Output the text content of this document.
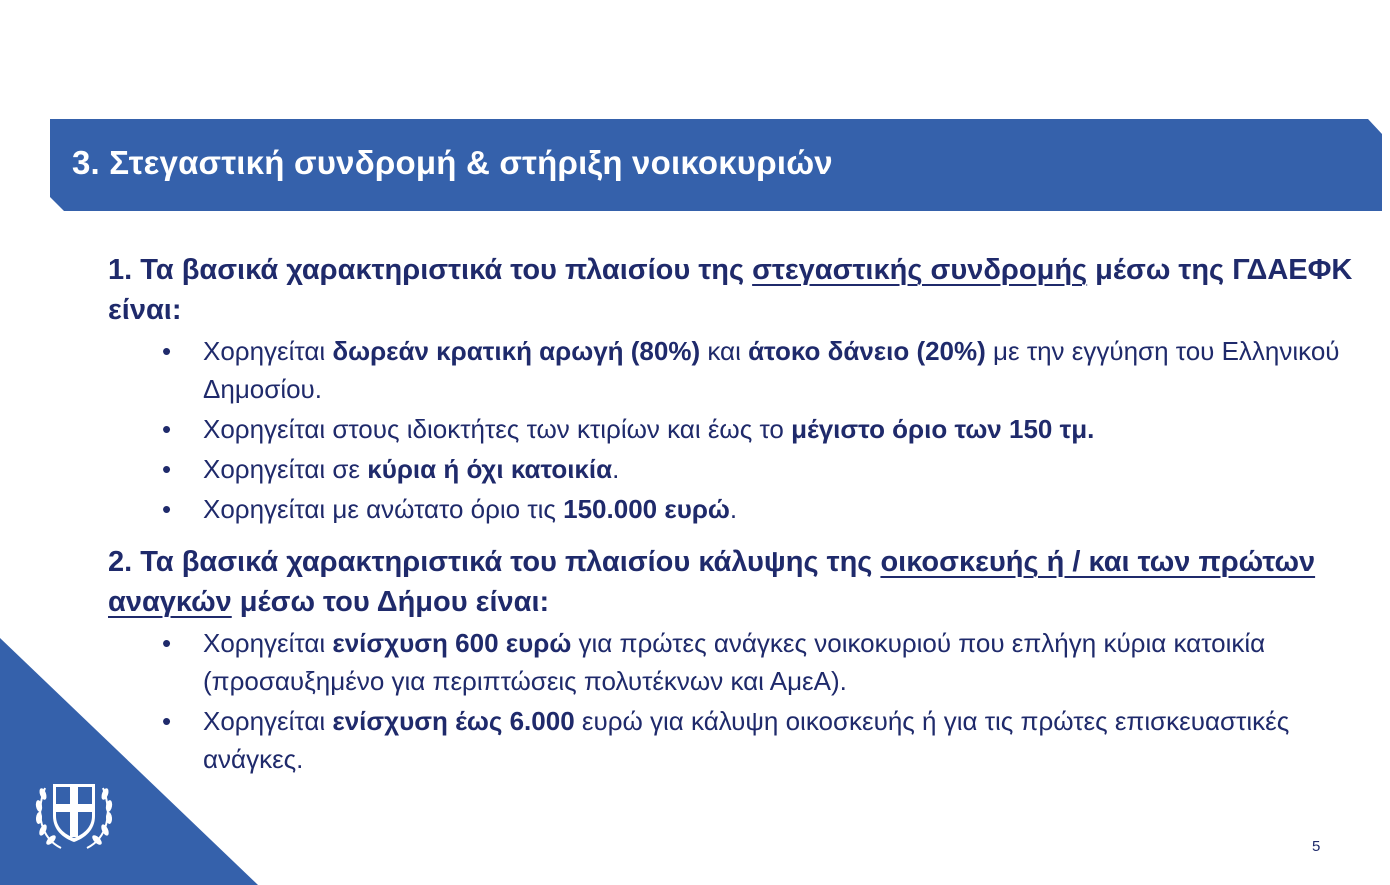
3. Στεγαστική συνδρομή & στήριξη νοικοκυριών

1. Τα βασικά χαρακτηριστικά του πλαισίου της στεγαστικής συνδρομής μέσω της ΓΔΑΕΦΚ είναι:

• Χορηγείται δωρεάν κρατική αρωγή (80%) και άτοκο δάνειο (20%) με την εγγύηση του Ελληνικού Δημοσίου.
• Χορηγείται στους ιδιοκτήτες των κτιρίων και έως το μέγιστο όριο των 150 τμ.
• Χορηγείται σε κύρια ή όχι κατοικία.
• Χορηγείται με ανώτατο όριο τις 150.000 ευρώ.

2. Τα βασικά χαρακτηριστικά του πλαισίου κάλυψης της οικοσκευής ή / και των πρώτων αναγκών μέσω του Δήμου είναι:

• Χορηγείται ενίσχυση 600 ευρώ για πρώτες ανάγκες νοικοκυριού που επλήγη κύρια κατοικία (προσαυξημένο για περιπτώσεις πολυτέκνων και ΑμεΑ).
• Χορηγείται ενίσχυση έως 6.000 ευρώ για κάλυψη οικοσκευής ή για τις πρώτες επισκευαστικές ανάγκες.
5
